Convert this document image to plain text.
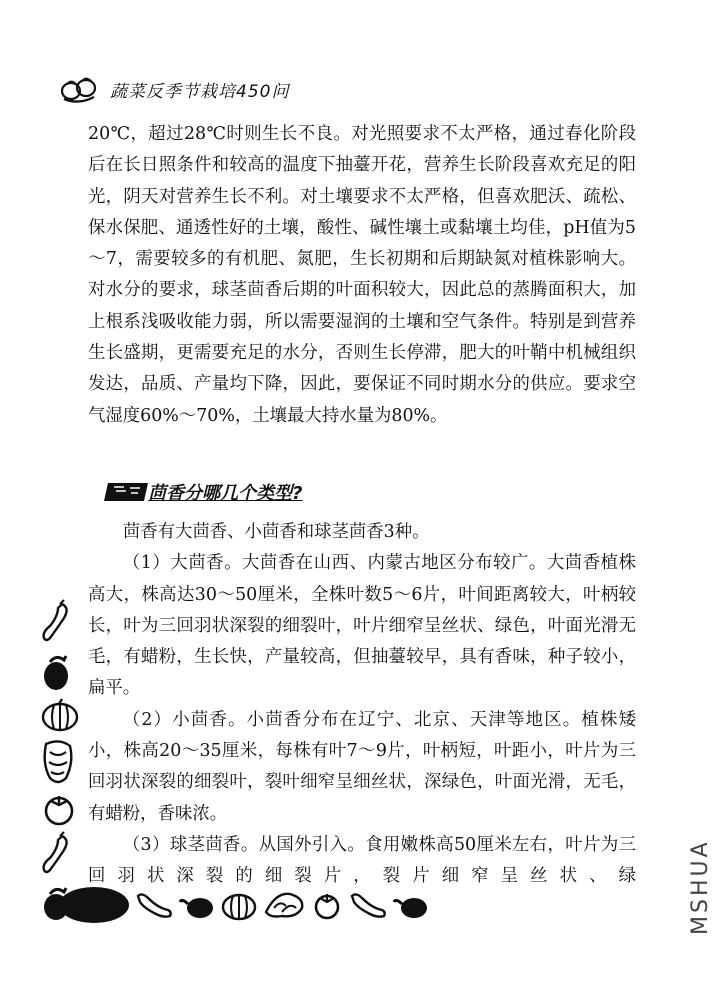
蔬菜反季节栽培450问

20℃，超过28℃时则生长不良。对光照要求不太严格，通过春化阶段后在长日照条件和较高的温度下抽薹开花，营养生长阶段喜欢充足的阳光，阴天对营养生长不利。对土壤要求不太严格，但喜欢肥沃、疏松、保水保肥、通透性好的土壤，酸性、碱性壤土或黏壤土均佳，pH值为5～7，需要较多的有机肥、氮肥，生长初期和后期缺氮对植株影响大。对水分的要求，球茎茴香后期的叶面积较大，因此总的蒸腾面积大，加上根系浅吸收能力弱，所以需要湿润的土壤和空气条件。特别是到营养生长盛期，更需要充足的水分，否则生长停滞，肥大的叶鞘中机械组织发达，品质、产量均下降，因此，要保证不同时期水分的供应。要求空气湿度60%～70%，土壤最大持水量为80%。

茴香分哪几个类型?

茴香有大茴香、小茴香和球茎茴香3种。

（1）大茴香。大茴香在山西、内蒙古地区分布较广。大茴香植株高大，株高达30～50厘米，全株叶数5～6片，叶间距离较大，叶柄较长，叶为三回羽状深裂的细裂叶，叶片细窄呈丝状、绿色，叶面光滑无毛，有蜡粉，生长快，产量较高，但抽薹较早，具有香味，种子较小，扁平。

（2）小茴香。小茴香分布在辽宁、北京、天津等地区。植株矮小，株高20～35厘米，每株有叶7～9片，叶柄短，叶距小，叶片为三回羽状深裂的细裂叶，裂叶细窄呈细丝状，深绿色，叶面光滑，无毛，有蜡粉，香味浓。

（3）球茎茴香。从国外引入。食用嫩株高50厘米左右，叶片为三回羽状深裂的细裂片，裂片细窄呈丝状、绿 MSHUA
